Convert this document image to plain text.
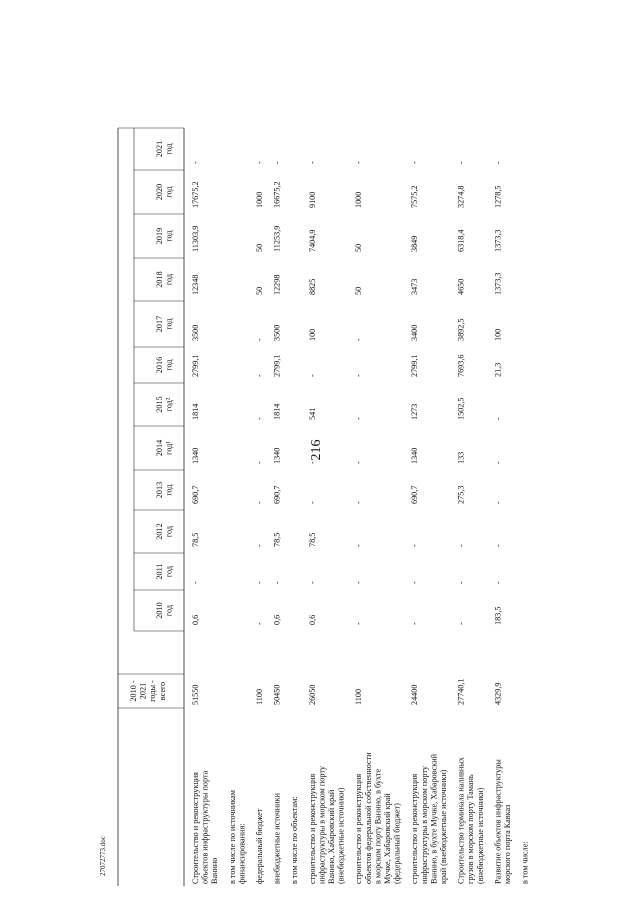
216
27072773.doc
2010 -2021годы -всего
2010год
2011год
2012год
2013год
2014год¹
2015год²
2016год
2017год
2018год
2019год
2020год
2021год
Строительство и реконструкцияобъектов инфраструктуры портаВанино
51550
0,6
-
78,5
690,7
1340
1814
2799,1
3500
12348
11303,9
17675,2
-
в том числе по источникамфинансирования: федеральный бюджет
1100
-
-
-
-
-
-
-
-
50
50
1000
-
внебюджетные источники
50450
0,6
-
78,5
690,7
1340
1814
2799,1
3500
12298
11253,9
16675,2
-
в том числе по объектам: строительство и реконструкцияинфраструктуры в морском портуВанино, Хабаровский край(внебюджетные источники)
26050
0,6
-
78,5
-
-
541
-
100
8825
7404,9
9100
-
строительство и реконструкцияобъектов федеральной собственностив морском порту Ванино, в бухтеМучке, Хабаровский край(федеральный бюджет)
1100
-
-
-
-
-
-
-
-
50
50
1000
-
строительство и реконструкцияинфраструктуры в морском портуВанино, в бухте Мучке, Хабаровскийкрай (внебюджетные источники)
24400
-
-
-
690,7
1340
1273
2799,1
3400
3473
3849
7575,2
-
Строительство терминала наливныхгрузов в морском порту Тамань(внебюджетные источники)
27740,1
-
-
-
275,3
133
1502,5
7693,6
3892,5
4650
6318,4
3274,8
-
Развитие объектов инфраструктурыморского порта Кавказ
4329,9
183,5
-
-
-
-
-
21,3
100
1373,3
1373,3
1278,5
-
в том числе:
